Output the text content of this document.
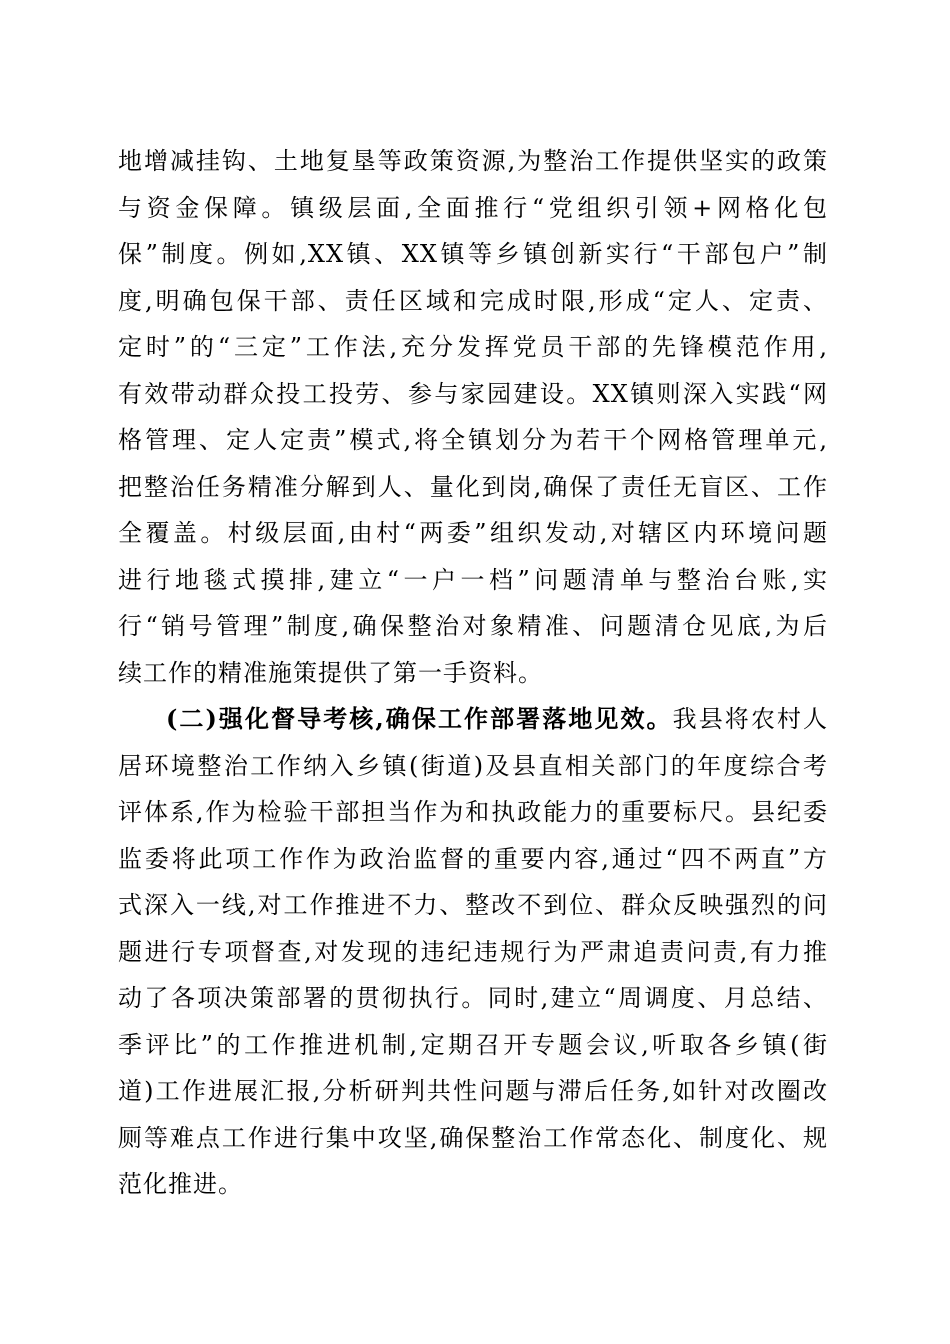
地增减挂钩、土地复垦等政策资源,为整治工作提供坚实的政策
与资金保障。镇级层面,全面推行“党组织引领+网格化包
保”制度。例如,XX镇、XX镇等乡镇创新实行“干部包户”制
度,明确包保干部、责任区域和完成时限,形成“定人、定责、
定时”的“三定”工作法,充分发挥党员干部的先锋模范作用,
有效带动群众投工投劳、参与家园建设。XX镇则深入实践“网
格管理、定人定责”模式,将全镇划分为若干个网格管理单元,
把整治任务精准分解到人、量化到岗,确保了责任无盲区、工作
全覆盖。村级层面,由村“两委”组织发动,对辖区内环境问题
进行地毯式摸排,建立“一户一档”问题清单与整治台账,实
行“销号管理”制度,确保整治对象精准、问题清仓见底,为后
续工作的精准施策提供了第一手资料。
(二)强化督导考核,确保工作部署落地见效。我县将农村人
居环境整治工作纳入乡镇(街道)及县直相关部门的年度综合考
评体系,作为检验干部担当作为和执政能力的重要标尺。县纪委
监委将此项工作作为政治监督的重要内容,通过“四不两直”方
式深入一线,对工作推进不力、整改不到位、群众反映强烈的问
题进行专项督查,对发现的违纪违规行为严肃追责问责,有力推
动了各项决策部署的贯彻执行。同时,建立“周调度、月总结、
季评比”的工作推进机制,定期召开专题会议,听取各乡镇(街
道)工作进展汇报,分析研判共性问题与滞后任务,如针对改圈改
厕等难点工作进行集中攻坚,确保整治工作常态化、制度化、规
范化推进。
